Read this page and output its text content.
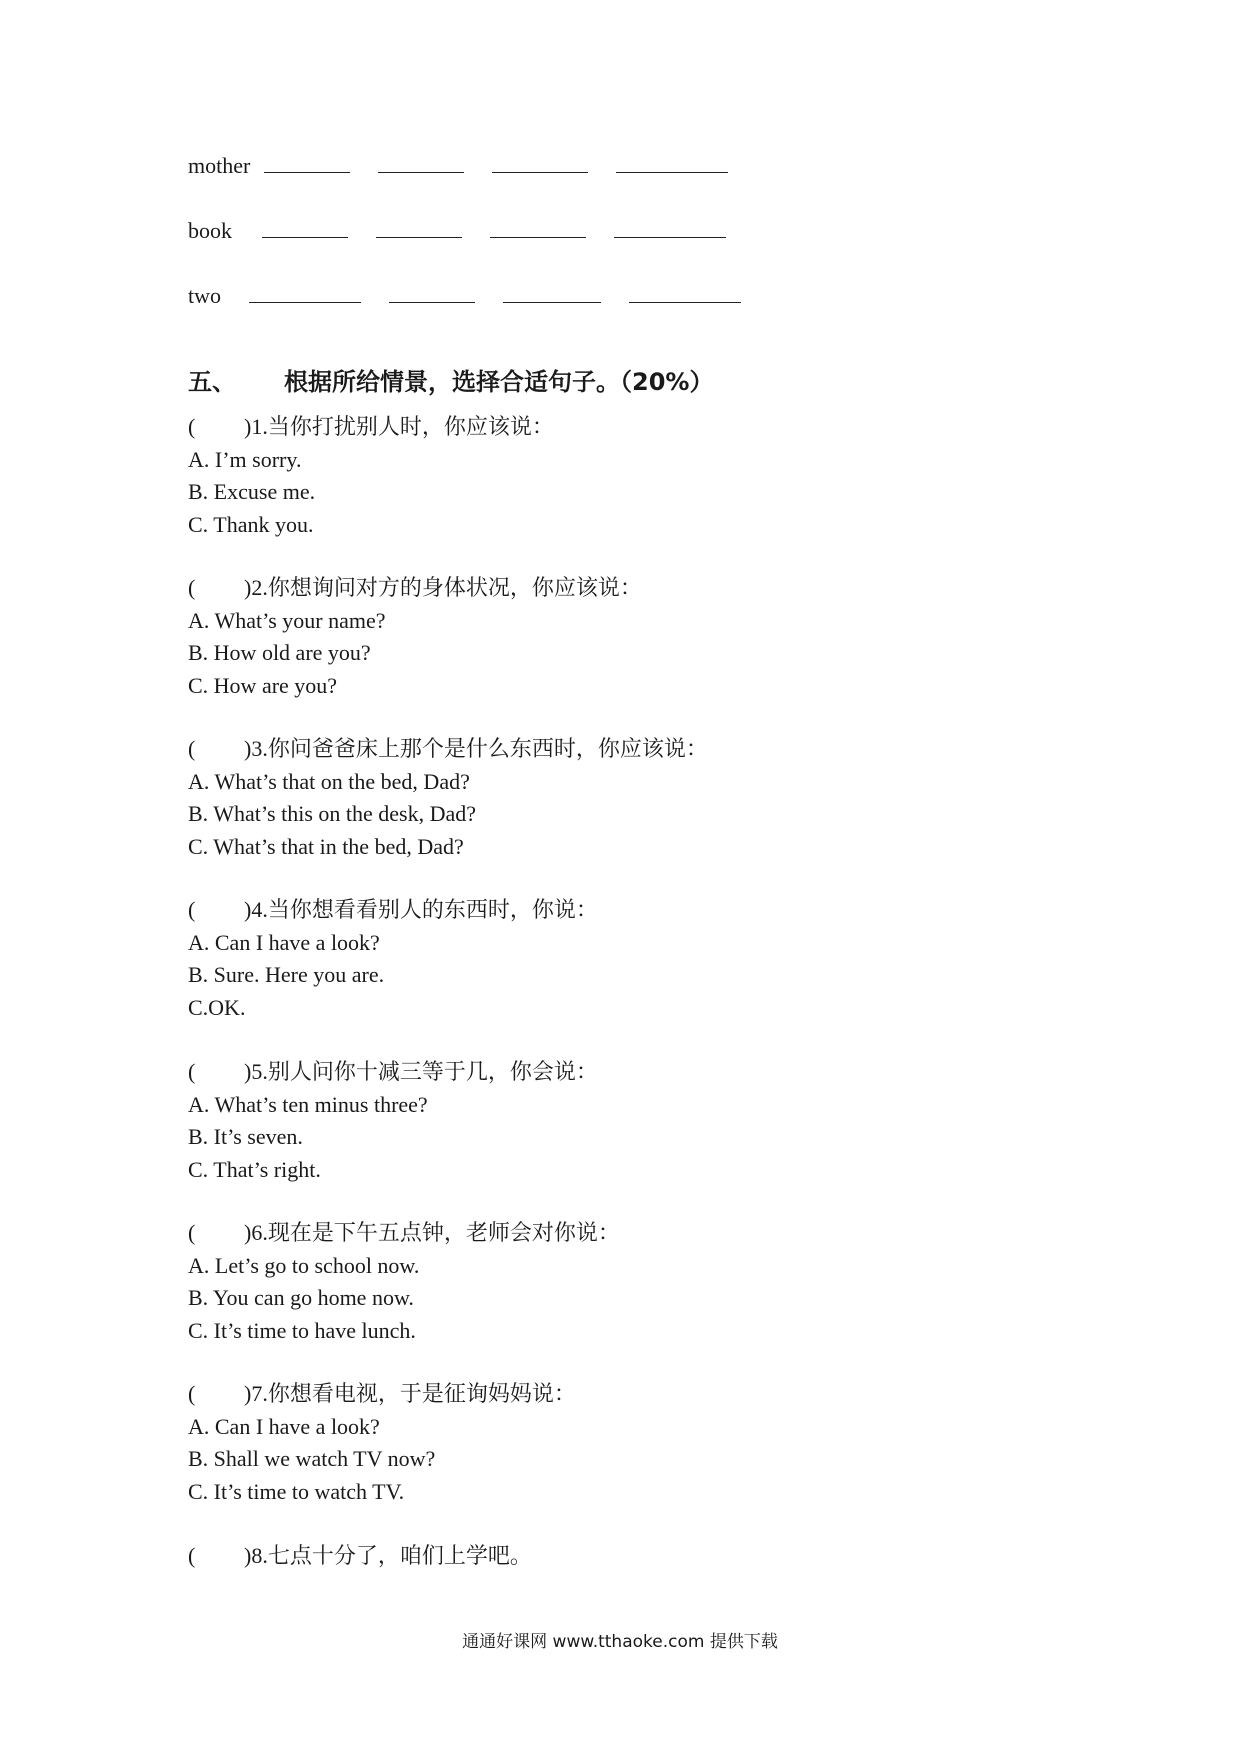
mother
book
two
五、 根据所给情景，选择合适句子。（20%）
( )1.当你打扰别人时，你应该说：
A. I’m sorry.
B. Excuse me.
C. Thank you.
( )2.你想询问对方的身体状况，你应该说：
A. What’s your name?
B. How old are you?
C. How are you?
( )3.你问爸爸床上那个是什么东西时，你应该说：
A. What’s that on the bed, Dad?
B. What’s this on the desk, Dad?
C. What’s that in the bed, Dad?
( )4.当你想看看别人的东西时，你说：
A. Can I have a look?
B. Sure. Here you are.
C.OK.
( )5.别人问你十减三等于几，你会说：
A. What’s ten minus three?
B. It’s seven.
C. That’s right.
( )6.现在是下午五点钟，老师会对你说：
A. Let’s go to school now.
B. You can go home now.
C. It’s time to have lunch.
( )7.你想看电视，于是征询妈妈说：
A. Can I have a look?
B. Shall we watch TV now?
C. It’s time to watch TV.
( )8.七点十分了，咱们上学吧。
通通好课网 www.tthaoke.com 提供下载
